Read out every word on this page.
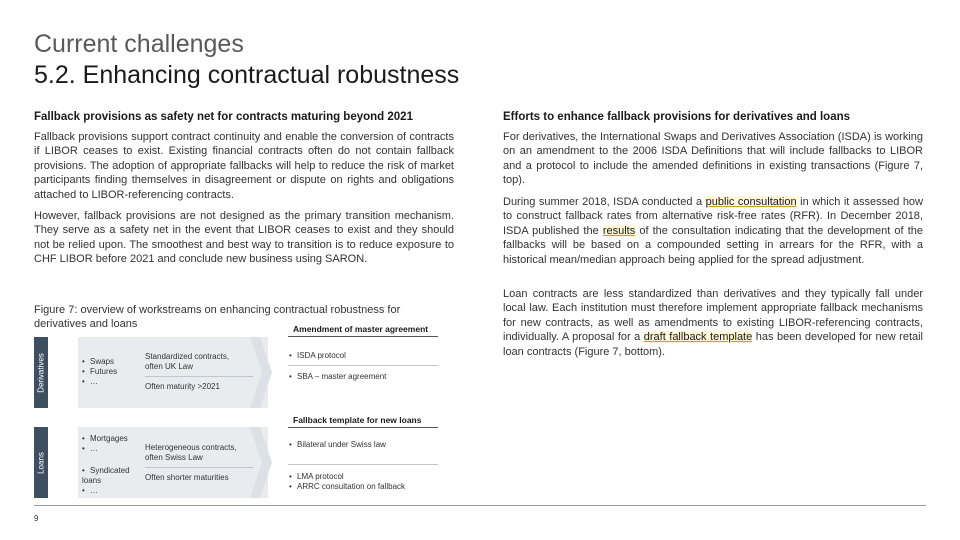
Current challenges
5.2. Enhancing contractual robustness
Fallback provisions as safety net for contracts maturing beyond 2021
Fallback provisions support contract continuity and enable the conversion of contracts if LIBOR ceases to exist. Existing financial contracts often do not contain fallback provisions. The adoption of appropriate fallbacks will help to reduce the risk of market participants finding themselves in disagreement or dispute on rights and obligations attached to LIBOR-referencing contracts.
However, fallback provisions are not designed as the primary transition mechanism. They serve as a safety net in the event that LIBOR ceases to exist and they should not be relied upon. The smoothest and best way to transition is to reduce exposure to CHF LIBOR before 2021 and conclude new business using SARON.
Figure 7: overview of workstreams on enhancing contractual robustness for derivatives and loans
Derivatives
•	Swaps
• Futures
• …
Standardized contracts, often UK Law
Often maturity >2021
Amendment of master agreement
• ISDA protocol
• SBA – master agreement
Loans
• Mortgages
• …
• Syndicated loans
• …
Heterogeneous contracts, often Swiss Law
Often shorter maturities
Fallback template for new loans
• Bilateral under Swiss law
• LMA protocol
• ARRC consultation on fallback
Efforts to enhance fallback provisions for derivatives and loans
For derivatives, the International Swaps and Derivatives Association (ISDA) is working on an amendment to the 2006 ISDA Definitions that will include fallbacks to LIBOR and a protocol to include the amended definitions in existing transactions (Figure 7, top).
During summer 2018, ISDA conducted a public consultation in which it assessed how to construct fallback rates from alternative risk-free rates (RFR). In December 2018, ISDA published the results of the consultation indicating that the development of the fallbacks will be based on a compounded setting in arrears for the RFR, with a historical mean/median approach being applied for the spread adjustment.
Loan contracts are less standardized than derivatives and they typically fall under local law. Each institution must therefore implement appropriate fallback mechanisms for new contracts, as well as amendments to existing LIBOR-referencing contracts, individually. A proposal for a draft fallback template has been developed for new retail loan contracts (Figure 7, bottom).
9
